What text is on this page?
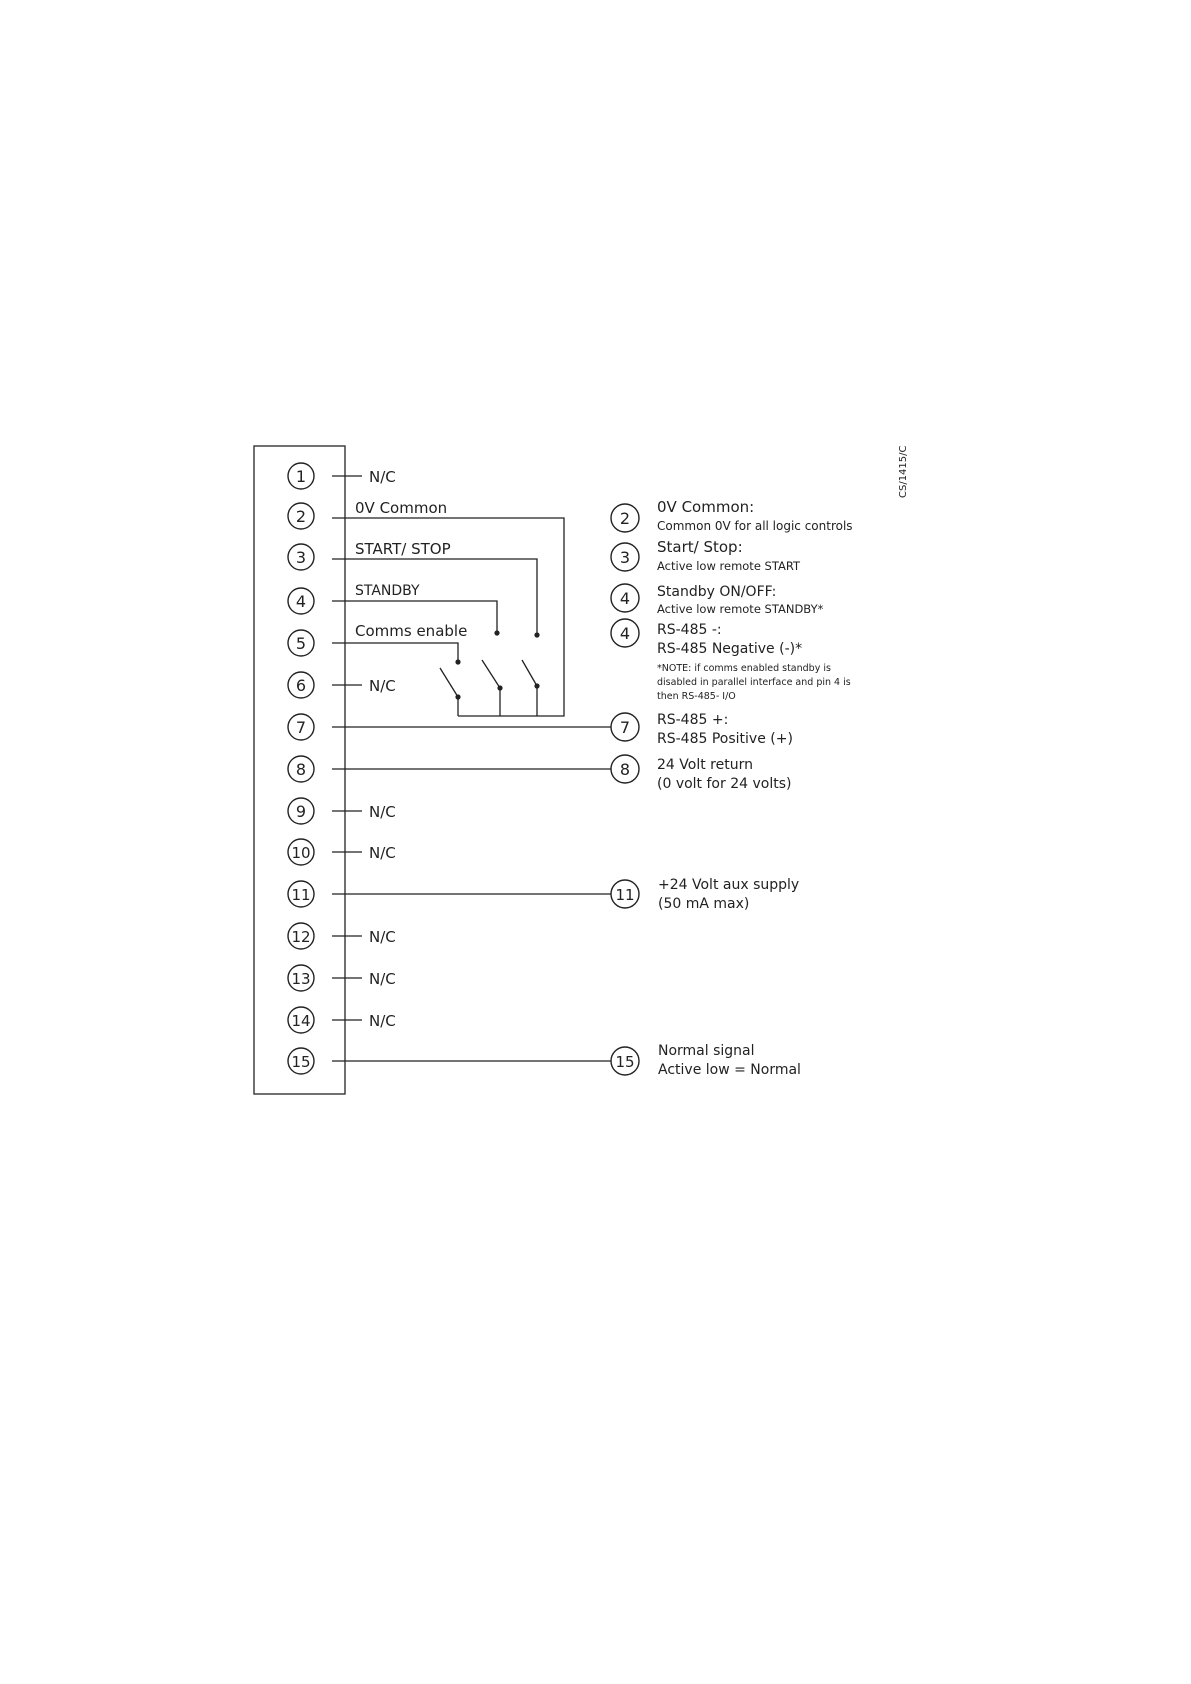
1
2
3
4
5
6
7
8
9
10
11
12
13
14
15
N/C
N/C
N/C
N/C
N/C
N/C
N/C
0V Common
START/ STOP
STANDBY
Comms enable
2
3
4
4
7
8
11
15
0V Common:
Common 0V for all logic controls
Start/ Stop:
Active low remote START
Standby ON/OFF:
Active low remote STANDBY*
RS-485 -:
RS-485 Negative (-)*
*NOTE: if comms enabled standby is
disabled in parallel interface and pin 4 is
then RS-485- I/O
RS-485 +:
RS-485 Positive (+)
24 Volt return
(0 volt for 24 volts)
+24 Volt aux supply
(50 mA max)
Normal signal
Active low = Normal
CS/1415/C
